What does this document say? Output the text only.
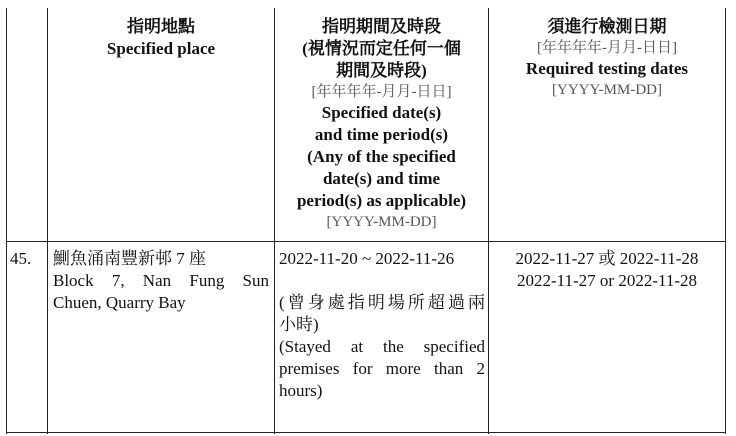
指明地點
Specified place
指明期間及時段
(視情況而定任何一個
期間及時段)
[年年年年-月月-日日]
Specified date(s)
and time period(s)
(Any of the specified
date(s) and time
period(s) as applicable)
[YYYY-MM-DD]
須進行檢測日期
[年年年年-月月-日日]
Required testing dates
[YYYY-MM-DD]
45. 鰂魚涌南豐新邨 7 座
Block 7, Nan Fung Sun
Chuen, Quarry Bay
2022-11-20 ~ 2022-11-26
(曾身處指明場所超過兩
小時)
(Stayed at the specified
premises for more than 2
hours)
2022-11-27 或 2022-11-28
2022-11-27 or 2022-11-28
